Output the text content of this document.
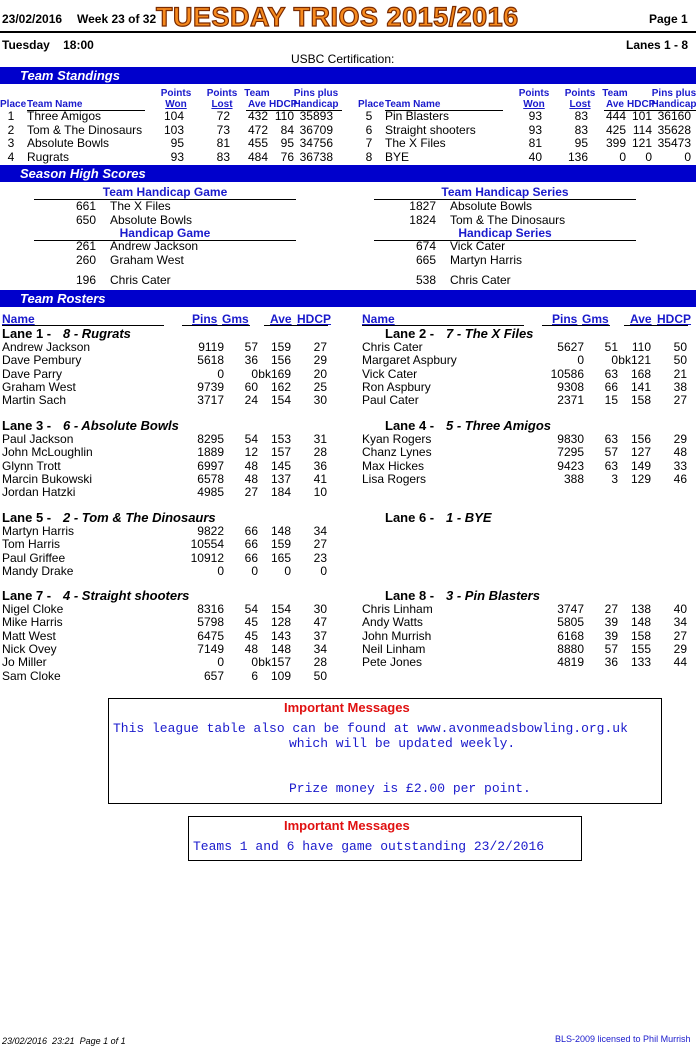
23/02/2016 Week 23 of 32 TUESDAY TRIOS 2015/2016	Page 1
Tuesday    18:00	Lanes 1 - 8
USBC Certification:
Team Standings
Place Team Name
Points
Won
Points
Lost
Team
Ave HDCP
Pins plus
Handicap
1	Three Amigos	104	72	432 110 35893
2	Tom & The Dinosaurs	103	73	472	84 36709
3	Absolute Bowls	95	81	455	95 34756
4	Rugrats	93	83	484	76 36738
Place Team Name
Points
Won
Points
Lost
Team
Ave HDCP
Pins plus
Handicap
5	Pin Blasters	93	83	444 101 36160
6	Straight shooters	93	83	425 114 35628
7	The X Files	81	95	399 121 35473
8	BYE	40	136	0	0	0
Season High Scores
Team Handicap Game
661 The X Files
650 Absolute Bowls
Team Handicap Series
1827 Absolute Bowls
1824 Tom & The Dinosaurs
Handicap Game
261 Andrew Jackson
260 Graham West
196 Chris Cater
Handicap Series
674 Vick Cater
665 Martyn Harris
538 Chris Cater
Team Rosters
Name	Pins Gms Ave HDCP	Name	Pins Gms Ave HDCP
Lane 1 - 8 - Rugrats
Andrew Jackson	9119	57	159	27
Dave Pembury	5618	36	156	29
Dave Parry	0	0 bk169	20
Graham West	9739	60	162	25
Martin Sach	3717	24	154	30
Lane 2 - 7 - The X Files
Chris Cater	5627	51	110	50
Margaret Aspbury	0	0 bk121	50
Vick Cater	10586	63	168	21
Ron Aspbury	9308	66	141	38
Paul Cater	2371	15	158	27
Lane 3 - 6 - Absolute Bowls
Paul Jackson	8295	54	153	31
John McLoughlin	1889	12	157	28
Glynn Trott	6997	48	145	36
Marcin Bukowski	6578	48	137	41
Jordan Hatzki	4985	27	184	10
Lane 4 - 5 - Three Amigos
Kyan Rogers	9830	63	156	29
Chanz Lynes	7295	57	127	48
Max Hickes	9423	63	149	33
Lisa Rogers	388	3	129	46
Lane 5 - 2 - Tom & The Dinosaurs
Martyn Harris	9822	66	148	34
Tom Harris	10554	66	159	27
Paul Griffee	10912	66	165	23
Mandy Drake	0	0	0	0
Lane 6 - 1 - BYE
Lane 7 - 4 - Straight shooters
Nigel Cloke	8316	54	154	30
Mike Harris	5798	45	128	47
Matt West	6475	45	143	37
Nick Ovey	7149	48	148	34
Jo Miller	0	0 bk157	28
Sam Cloke	657	6	109	50
Lane 8 - 3 - Pin Blasters
Chris Linham	3747	27	138	40
Andy Watts	5805	39	148	34
John Murrish	6168	39	158	27
Neil Linham	8880	57	155	29
Pete Jones	4819	36	133	44
Important Messages
This league table also can be found at www.avonmeadsbowling.org.uk
which will be updated weekly.
Prize money is £2.00 per point.
Important Messages
Teams 1 and 6 have game outstanding 23/2/2016
23/02/2016  23:21  Page 1 of 1	BLS-2009 licensed to Phil Murrish
